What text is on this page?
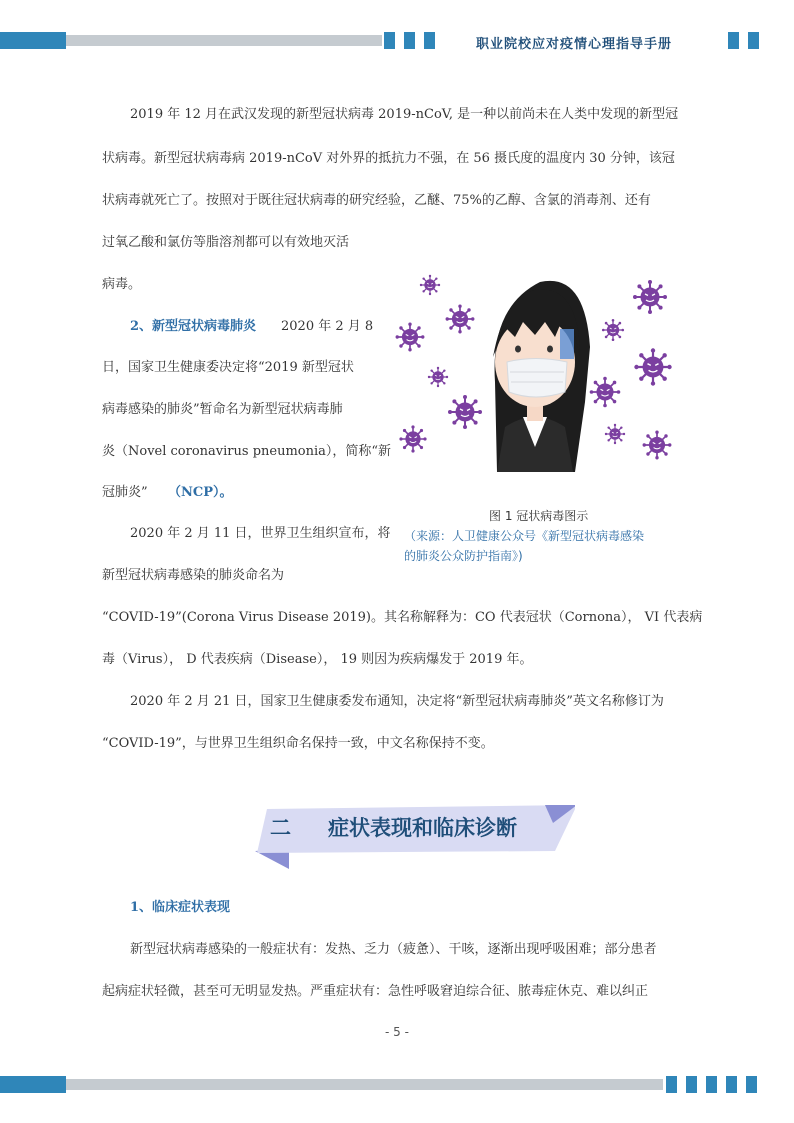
职业院校应对疫情心理指导手册
2019 年 12 月在武汉发现的新型冠状病毒 2019-nCoV, 是一种以前尚未在人类中发现的新型冠
状病毒。新型冠状病毒病 2019-nCoV 对外界的抵抗力不强，在 56 摄氏度的温度内 30 分钟，该冠
状病毒就死亡了。按照对于既往冠状病毒的研究经验，乙醚、75%的乙醇、含氯的消毒剂、还有
过氧乙酸和氯仿等脂溶剂都可以有效地灭活
病毒。
2、新型冠状病毒肺炎 2020 年 2 月 8
日，国家卫生健康委决定将“2019 新型冠状
病毒感染的肺炎”暂命名为新型冠状病毒肺
炎（Novel coronavirus pneumonia），简称“新
冠肺炎” （NCP）。
图 1 冠状病毒图示
（来源：人卫健康公众号《新型冠状病毒感染
的肺炎公众防护指南》)
2020 年 2 月 11 日，世界卫生组织宣布，将
新型冠状病毒感染的肺炎命名为
“COVID-19”(Corona Virus Disease 2019)。其名称解释为：CO 代表冠状（Cornona）， VI 代表病
毒（Virus）， D 代表疾病（Disease）， 19 则因为疾病爆发于 2019 年。
2020 年 2 月 21 日，国家卫生健康委发布通知，决定将“新型冠状病毒肺炎”英文名称修订为
“COVID-19”，与世界卫生组织命名保持一致，中文名称保持不变。
二 症状表现和临床诊断
1、临床症状表现
新型冠状病毒感染的一般症状有：发热、乏力（疲惫）、干咳，逐渐出现呼吸困难；部分患者
起病症状轻微，甚至可无明显发热。严重症状有：急性呼吸窘迫综合征、脓毒症休克、难以纠正
- 5 -
